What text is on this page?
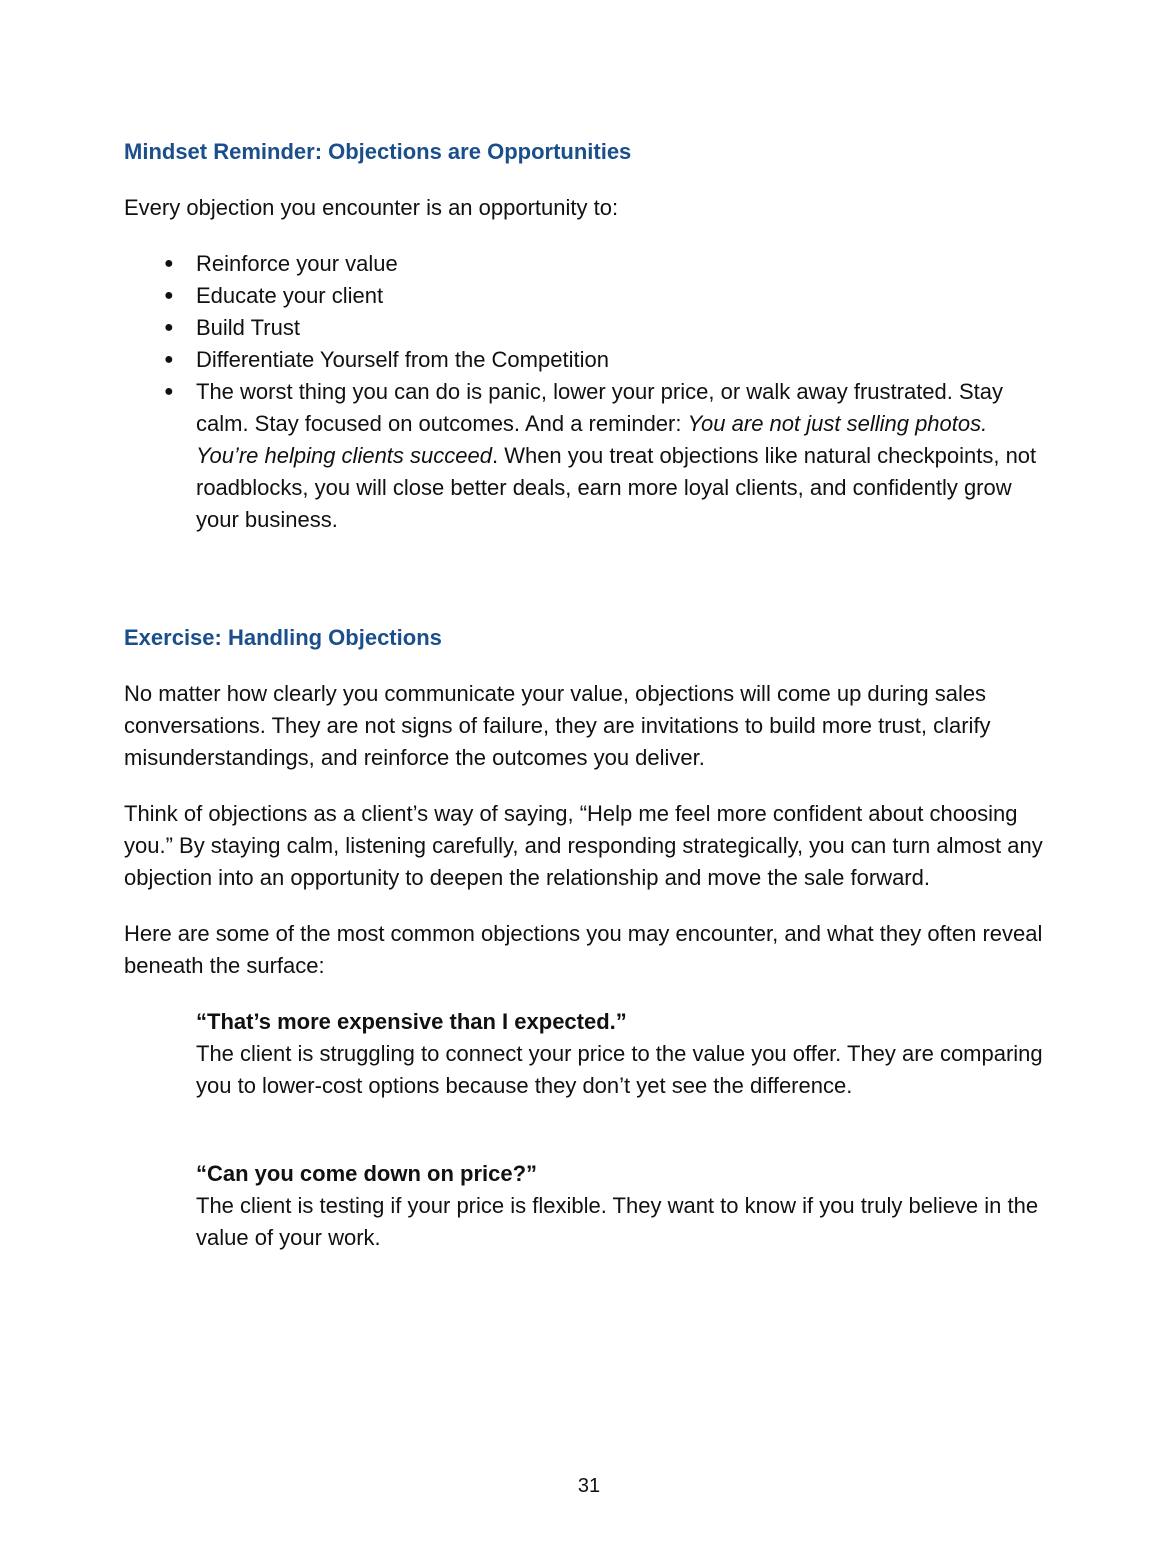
Mindset Reminder: Objections are Opportunities

Every objection you encounter is an opportunity to:

● Reinforce your value
● Educate your client
● Build Trust
● Differentiate Yourself from the Competition
● The worst thing you can do is panic, lower your price, or walk away frustrated. Stay calm. Stay focused on outcomes. And a reminder: You are not just selling photos. You’re helping clients succeed. When you treat objections like natural checkpoints, not roadblocks, you will close better deals, earn more loyal clients, and confidently grow your business.
Exercise: Handling Objections

No matter how clearly you communicate your value, objections will come up during sales conversations. They are not signs of failure, they are invitations to build more trust, clarify misunderstandings, and reinforce the outcomes you deliver.

Think of objections as a client’s way of saying, “Help me feel more confident about choosing you.” By staying calm, listening carefully, and responding strategically, you can turn almost any objection into an opportunity to deepen the relationship and move the sale forward.

Here are some of the most common objections you may encounter, and what they often reveal beneath the surface:

“That’s more expensive than I expected.”

The client is struggling to connect your price to the value you offer. They are comparing you to lower-cost options because they don’t yet see the difference.

“Can you come down on price?”

The client is testing if your price is flexible. They want to know if you truly believe in the value of your work.

31
